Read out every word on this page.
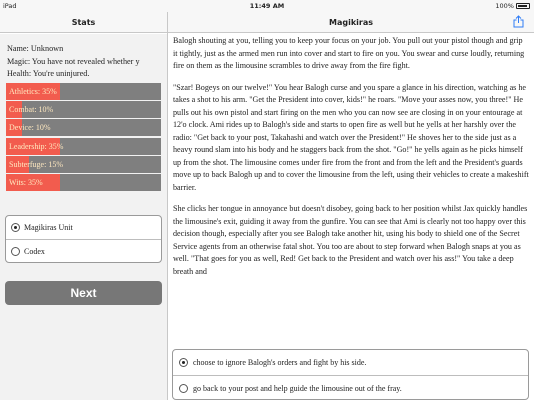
iPad	11:49 AM	100%
Stats	Magikiras
Name: Unknown
Magic: You have not revealed whether y
Health: You're uninjured.
Athletics: 35%
Combat: 10%
Device: 10%
Leadership: 35%
Subterfuge: 15%
Wits: 35%
Magikiras Unit
Codex
Next

Balogh shouting at you, telling you to keep your focus on your job. You pull out your pistol though and grip it tightly, just as the armed men run into cover and start to fire on you. You swear and curse loudly, returning fire on them as the limousine scrambles to drive away from the fire fight.

"Szar! Bogeys on our twelve!" You hear Balogh curse and you spare a glance in his direction, watching as he takes a shot to his arm. "Get the President into cover, kids!" he roars. "Move your asses now, you three!" He pulls out his own pistol and start firing on the men who you can now see are closing in on your entourage at 12'o clock. Ami rides up to Balogh's side and starts to open fire as well but he yells at her harshly over the radio: "Get back to your post, Takahashi and watch over the President!" He shoves her to the side just as a heavy round slam into his body and he staggers back from the shot. "Go!" he yells again as he picks himself up from the shot. The limousine comes under fire from the front and from the left and the President's guards move up to back Balogh up and to cover the limousine from the left, using their vehicles to create a makeshift barrier.

She clicks her tongue in annoyance but doesn't disobey, going back to her position whilst Jax quickly handles the limousine's exit, guiding it away from the gunfire. You can see that Ami is clearly not too happy over this decision though, especially after you see Balogh take another hit, using his body to shield one of the Secret Service agents from an otherwise fatal shot. You too are about to step forward when Balogh snaps at you as well. "That goes for you as well, Red! Get back to the President and watch over his ass!" You take a deep breath and

choose to ignore Balogh's orders and fight by his side.
go back to your post and help guide the limousine out of the fray.
